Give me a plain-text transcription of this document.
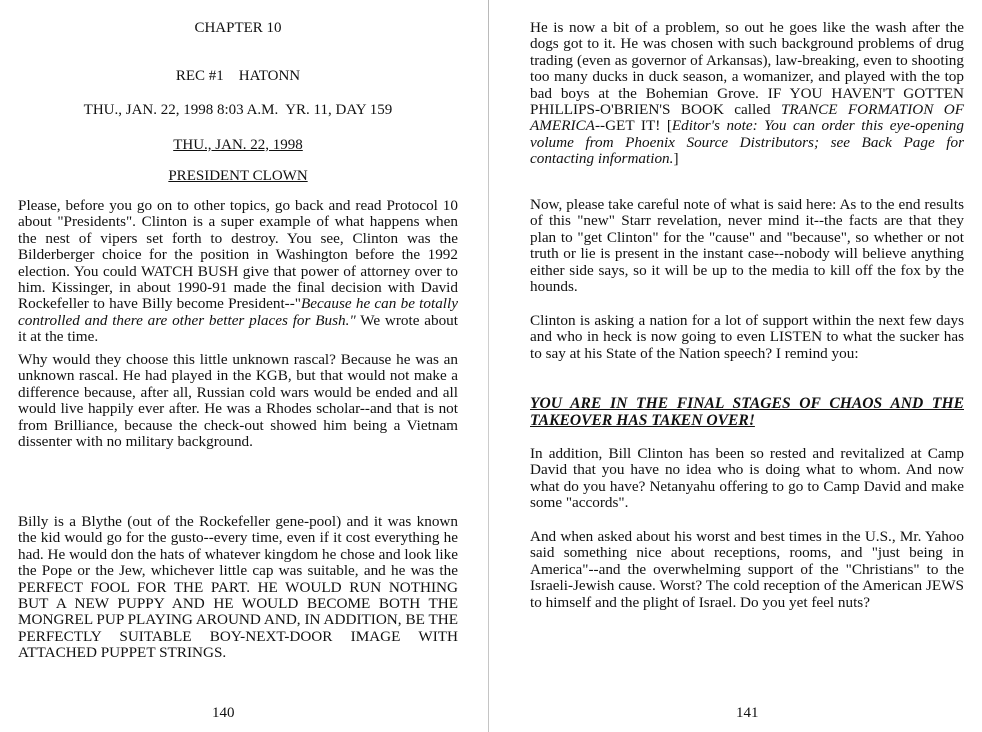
CHAPTER 10
REC #1    HATONN
THU., JAN. 22, 1998 8:03 A.M.  YR. 11, DAY 159
THU., JAN. 22, 1998
PRESIDENT CLOWN

Please, before you go on to other topics, go back and read Protocol 10 about "Presidents". Clinton is a super example of what happens when the nest of vipers set forth to destroy. You see, Clinton was the Bilderberger choice for the position in Washington before the 1992 election. You could WATCH BUSH give that power of attorney over to him. Kissinger, in about 1990-91 made the final decision with David Rockefeller to have Billy become President--"Because he can be totally controlled and there are other better places for Bush." We wrote about it at the time.

Why would they choose this little unknown rascal? Because he was an unknown rascal. He had played in the KGB, but that would not make a difference because, after all, Russian cold wars would be ended and all would live happily ever after. He was a Rhodes scholar--and that is not from Brilliance, because the check-out showed him being a Vietnam dissenter with no military background.

Billy is a Blythe (out of the Rockefeller gene-pool) and it was known the kid would go for the gusto--every time, even if it cost everything he had. He would don the hats of whatever kingdom he chose and look like the Pope or the Jew, whichever little cap was suitable, and he was the PERFECT FOOL FOR THE PART. HE WOULD RUN NOTHING BUT A NEW PUPPY AND HE WOULD BECOME BOTH THE MONGREL PUP PLAYING AROUND AND, IN ADDITION, BE THE PERFECTLY SUITABLE BOY-NEXT-DOOR IMAGE WITH ATTACHED PUPPET STRINGS.

140

He is now a bit of a problem, so out he goes like the wash after the dogs got to it. He was chosen with such background problems of drug trading (even as governor of Arkansas), law-breaking, even to shooting too many ducks in duck season, a womanizer, and played with the top bad boys at the Bohemian Grove. IF YOU HAVEN'T GOTTEN PHILLIPS-O'BRIEN'S BOOK called TRANCE FORMATION OF AMERICA--GET IT! [Editor's note: You can order this eye-opening volume from Phoenix Source Distributors; see Back Page for contacting information.]

Now, please take careful note of what is said here: As to the end results of this "new" Starr revelation, never mind it--the facts are that they plan to "get Clinton" for the "cause" and "because", so whether or not truth or lie is present in the instant case--nobody will believe anything either side says, so it will be up to the media to kill off the fox by the hounds.

Clinton is asking a nation for a lot of support within the next few days and who in heck is now going to even LISTEN to what the sucker has to say at his State of the Nation speech? I remind you:

YOU ARE IN THE FINAL STAGES OF CHAOS AND THE TAKEOVER HAS TAKEN OVER!

In addition, Bill Clinton has been so rested and revitalized at Camp David that you have no idea who is doing what to whom. And now what do you have? Netanyahu offering to go to Camp David and make some "accords".

And when asked about his worst and best times in the U.S., Mr. Yahoo said something nice about receptions, rooms, and "just being in America"--and the overwhelming support of the "Christians" to the Israeli-Jewish cause. Worst? The cold reception of the American JEWS to himself and the plight of Israel. Do you yet feel nuts?

141
